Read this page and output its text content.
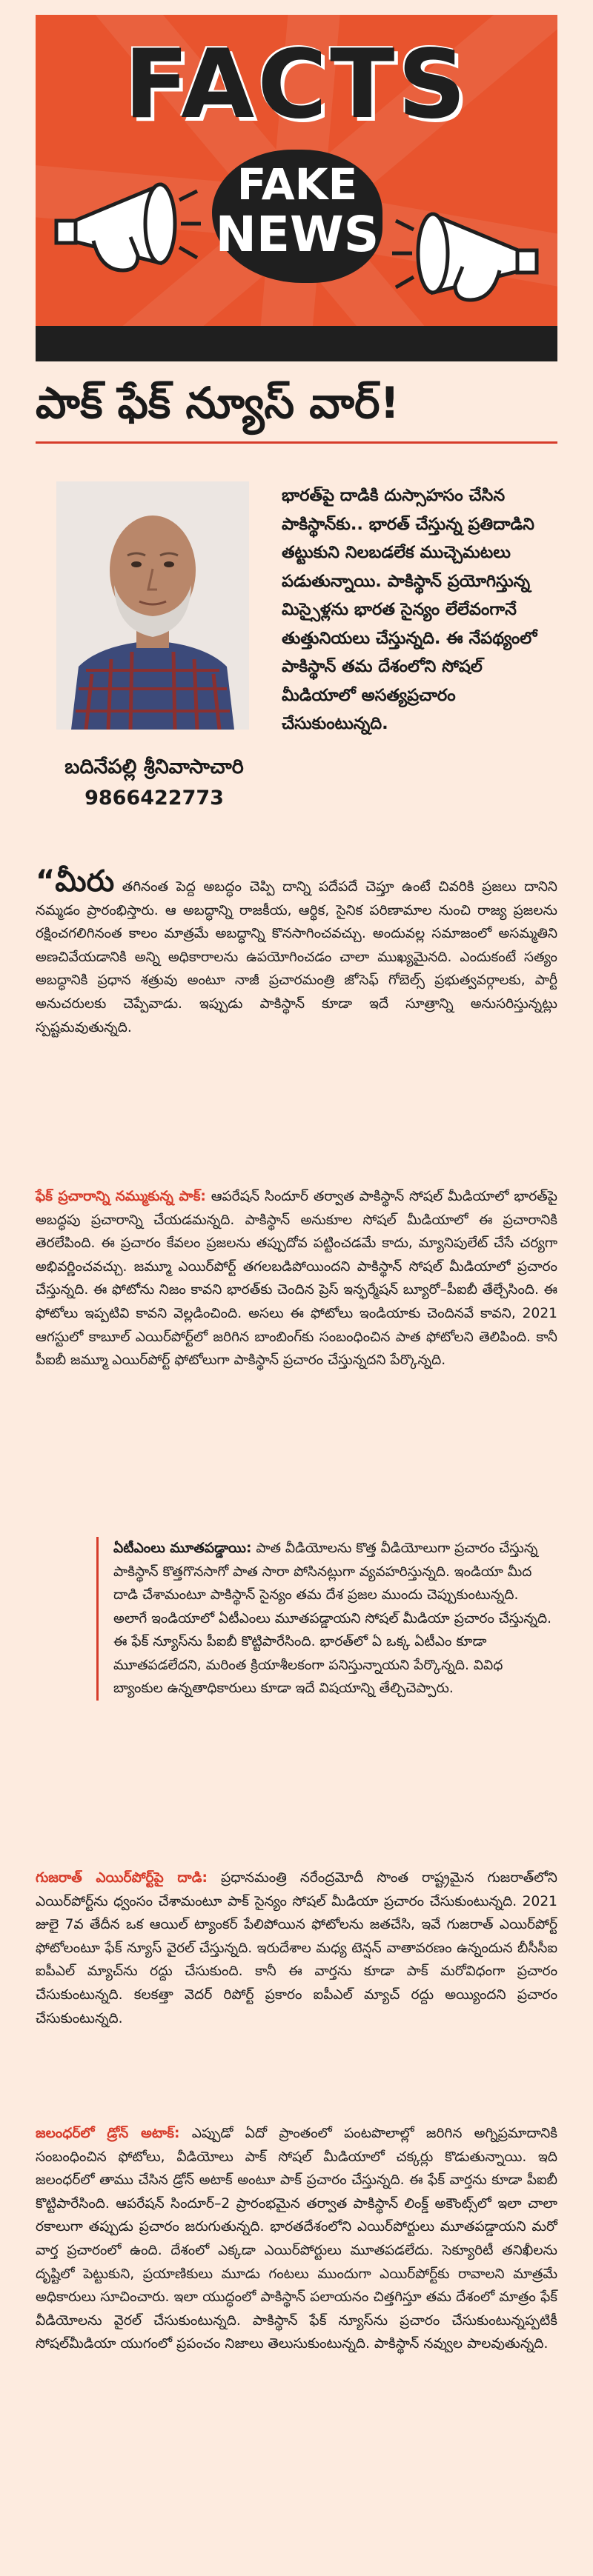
FACTS
FAKE
NEWS
పాక్ ఫేక్ న్యూస్ వార్!
బదినేపల్లి శ్రీనివాసాచారి
9866422773

భారత్‌పై దాడికి దుస్సాహసం చేసిన పాకిస్థాన్‌కు.. భారత్ చేస్తున్న ప్రతిదాడిని తట్టుకుని నిలబడలేక ముచ్చెమటలు పడుతున్నాయి. పాకిస్థాన్ ప్రయోగిస్తున్న మిస్సైళ్లను భారత సైన్యం లేలేవంగానే తుత్తునియలు చేస్తున్నది. ఈ నేపథ్యంలో పాకిస్థాన్ తమ దేశంలోని సోషల్ మీడియాలో అసత్యప్రచారం చేసుకుంటున్నది.

“మీరు తగినంత పెద్ద అబద్ధం చెప్పి దాన్ని పదేపదే చెప్తూ ఉంటే చివరికి ప్రజలు దానిని నమ్మడం ప్రారంభిస్తారు. ఆ అబద్ధాన్ని రాజకీయ, ఆర్థిక, సైనిక పరిణామాల నుంచి రాజ్య ప్రజలను రక్షించగలిగినంత కాలం మాత్రమే అబద్ధాన్ని కొనసాగించవచ్చు. అందువల్ల సమాజంలో అసమ్మతిని అణచివేయడానికి అన్ని అధికారాలను ఉపయోగించడం చాలా ముఖ్యమైనది. ఎందుకంటే సత్యం అబద్ధానికి ప్రధాన శత్రువు అంటూ నాజీ ప్రచారమంత్రి జోసెఫ్ గోబెల్స్ ప్రభుత్వవర్గాలకు, పార్టీ అనుచరులకు చెప్పేవాడు. ఇప్పుడు పాకిస్థాన్ కూడా ఇదే సూత్రాన్ని అనుసరిస్తున్నట్లు స్పష్టమవుతున్నది.

ఫేక్ ప్రచారాన్ని నమ్ముకున్న పాక్: ఆపరేషన్ సిందూర్ తర్వాత పాకిస్థాన్ సోషల్ మీడియాలో భారత్‌పై అబద్ధపు ప్రచారాన్ని చేయడమన్నది. పాకిస్థాన్ అనుకూల సోషల్ మీడియాలో ఈ ప్రచారానికి తెరలేపింది. ఈ ప్రచారం కేవలం ప్రజలను తప్పుదోవ పట్టించడమే కాదు, మ్యానిపులేట్ చేసే చర్యగా అభివర్ణించవచ్చు. జమ్మూ ఎయిర్‌పోర్ట్ తగలబడిపోయిందని పాకిస్థాన్ సోషల్ మీడియాలో ప్రచారం చేస్తున్నది. ఈ ఫోటోను నిజం కావని భారత్‌కు చెందిన ప్రెస్ ఇన్ఫర్మేషన్ బ్యూరో–పీఐబీ తేల్చేసింది. ఈ ఫోటోలు ఇప్పటివి కావని వెల్లడించింది. అసలు ఈ ఫోటోలు ఇండియాకు చెందినవే కావని, 2021 ఆగస్టులో కాబూల్ ఎయిర్‌పోర్ట్‌లో జరిగిన బాంబింగ్‌కు సంబంధించిన పాత ఫోటోలని తెలిపింది. కానీ పీఐబీ జమ్మూ ఎయిర్‌పోర్ట్ ఫోటోలుగా పాకిస్థాన్ ప్రచారం చేస్తున్నదని పేర్కొన్నది.

ఏటీఎంలు మూతపడ్డాయి: పాత వీడియోలను కొత్త వీడియోలుగా ప్రచారం చేస్తున్న పాకిస్థాన్ కొత్తగొనసాగో పాత సారా పోసినట్లుగా వ్యవహరిస్తున్నది. ఇండియా మీద దాడి చేశామంటూ పాకిస్థాన్ సైన్యం తమ దేశ ప్రజల ముందు చెప్పుకుంటున్నది. అలాగే ఇండియాలో ఏటీఎంలు మూతపడ్డాయని సోషల్ మీడియా ప్రచారం చేస్తున్నది. ఈ ఫేక్ న్యూస్‌ను పీఐబీ కొట్టిపారేసింది. భారత్‌లో ఏ ఒక్క ఏటీఎం కూడా మూతపడలేదని, మరింత క్రియాశీలకంగా పనిస్తున్నాయని పేర్కొన్నది. వివిధ బ్యాంకుల ఉన్నతాధికారులు కూడా ఇదే విషయాన్ని తేల్చిచెప్పారు.

గుజరాత్ ఎయిర్‌పోర్ట్‌పై దాడి: ప్రధానమంత్రి నరేంద్రమోదీ సొంత రాష్ట్రమైన గుజరాత్‌లోని ఎయిర్‌పోర్ట్‌ను ధ్వంసం చేశామంటూ పాక్ సైన్యం సోషల్ మీడియా ప్రచారం చేసుకుంటున్నది. 2021 జులై 7వ తేదీన ఒక ఆయిల్ ట్యాంకర్ పేలిపోయిన ఫోటోలను జతచేసి, ఇవే గుజరాత్ ఎయిర్‌పోర్ట్ ఫోటోలంటూ ఫేక్ న్యూస్ వైరల్ చేస్తున్నది. ఇరుదేశాల మధ్య టెన్షన్ వాతావరణం ఉన్నందున బీసీసీఐ ఐపీఎల్ మ్యాచ్‌ను రద్దు చేసుకుంది. కానీ ఈ వార్తను కూడా పాక్ మరోవిధంగా ప్రచారం చేసుకుంటున్నది. కలకత్తా వెదర్ రిపోర్ట్ ప్రకారం ఐపీఎల్ మ్యాచ్ రద్దు అయ్యిందని ప్రచారం చేసుకుంటున్నది.

జలంధర్‌లో డ్రోన్ అటాక్: ఎప్పుడో ఏదో ప్రాంతంలో పంటపొలాల్లో జరిగిన అగ్నిప్రమాదానికి సంబంధించిన ఫోటోలు, వీడియోలు పాక్ సోషల్ మీడియాలో చక్కర్లు కొడుతున్నాయి. ఇది జలంధర్‌లో తాము చేసిన డ్రోన్ అటాక్ అంటూ పాక్ ప్రచారం చేస్తున్నది. ఈ ఫేక్ వార్తను కూడా పీఐబీ కొట్టిపారేసింది. ఆపరేషన్ సిందూర్–2 ప్రారంభమైన తర్వాత పాకిస్థాన్ లింక్డ్ అకౌంట్స్‌లో ఇలా చాలా రకాలుగా తప్పుడు ప్రచారం జరుగుతున్నది. భారతదేశంలోని ఎయిర్‌పోర్టులు మూతపడ్డాయని మరో వార్త ప్రచారంలో ఉంది. దేశంలో ఎక్కడా ఎయిర్‌పోర్టులు మూతపడలేదు. సెక్యూరిటీ తనిఖీలను దృష్టిలో పెట్టుకుని, ప్రయాణికులు మూడు గంటలు ముందుగా ఎయిర్‌పోర్ట్‌కు రావాలని మాత్రమే అధికారులు సూచించారు. ఇలా యుద్ధంలో పాకిస్థాన్ పలాయనం చిత్తగిస్తూ తమ దేశంలో మాత్రం ఫేక్ వీడియోలను వైరల్ చేసుకుంటున్నది. పాకిస్థాన్ ఫేక్ న్యూస్‌ను ప్రచారం చేసుకుంటున్నప్పటికీ సోషల్‌మీడియా యుగంలో ప్రపంచం నిజాలు తెలుసుకుంటున్నది. పాకిస్థాన్ నవ్వుల పాలవుతున్నది.
